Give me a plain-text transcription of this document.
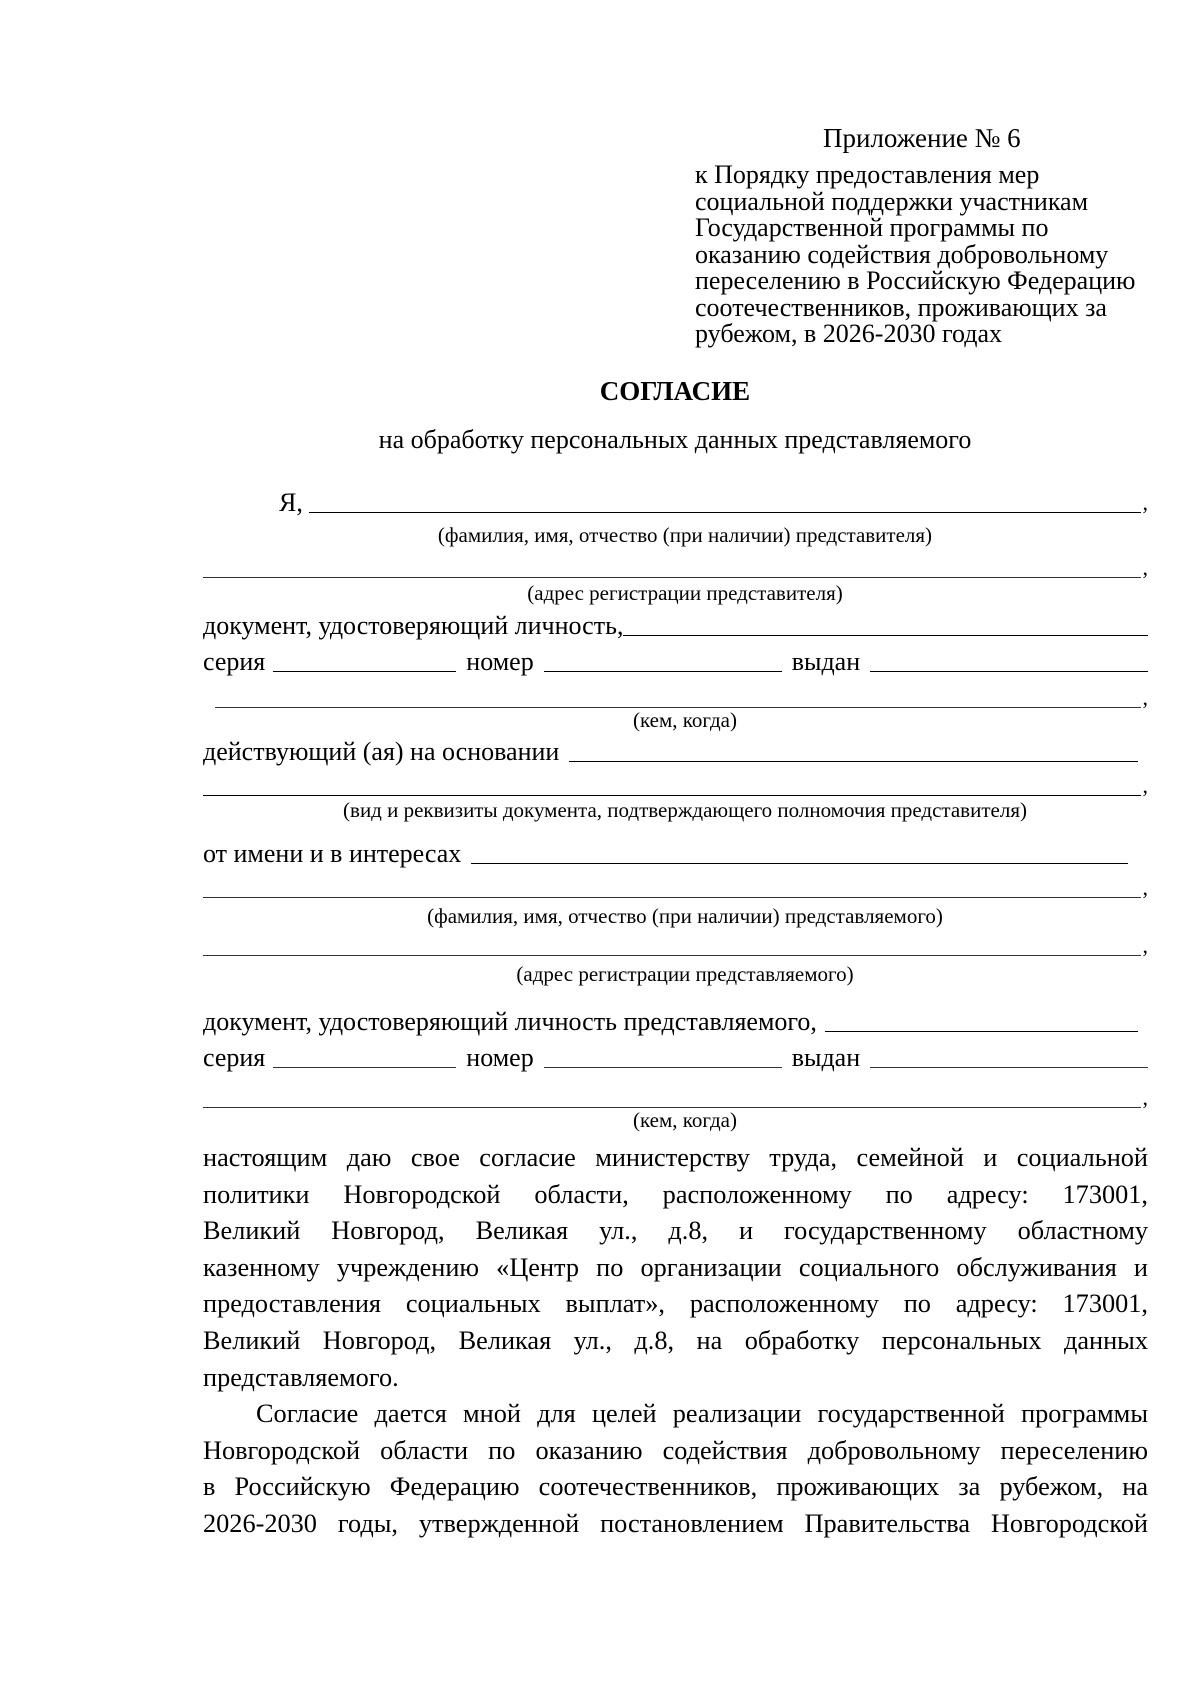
Приложение № 6
к Порядку предоставления мер
социальной поддержки участникам
Государственной программы по
оказанию содействия добровольному
переселению в Российскую Федерацию
соотечественников, проживающих за
рубежом, в 2026-2030 годах
СОГЛАСИЕ
на обработку персональных данных представляемого
Я,	,
(фамилия, имя, отчество (при наличии) представителя)
,
(адрес регистрации представителя)
документ, удостоверяющий личность,
серия	номер	выдан
,
(кем, когда)
действующий (ая) на основании
,
(вид и реквизиты документа, подтверждающего полномочия представителя)
от имени и в интересах
,
(фамилия, имя, отчество (при наличии) представляемого)
,
(адрес регистрации представляемого)
документ, удостоверяющий личность представляемого,
серия	номер	выдан
,
(кем, когда)

настоящим даю свое согласие министерству труда, семейной и социальной
политики Новгородской области, расположенному по адресу: 173001,
Великий Новгород, Великая ул., д.8, и государственному областному
казенному учреждению «Центр по организации социального обслуживания и
предоставления социальных выплат», расположенному по адресу: 173001,
Великий Новгород, Великая ул., д.8, на обработку персональных данных
представляемого.

Согласие дается мной для целей реализации государственной программы
Новгородской области по оказанию содействия добровольному переселению
в Российскую Федерацию соотечественников, проживающих за рубежом, на
2026-2030 годы, утвержденной постановлением Правительства Новгородской
